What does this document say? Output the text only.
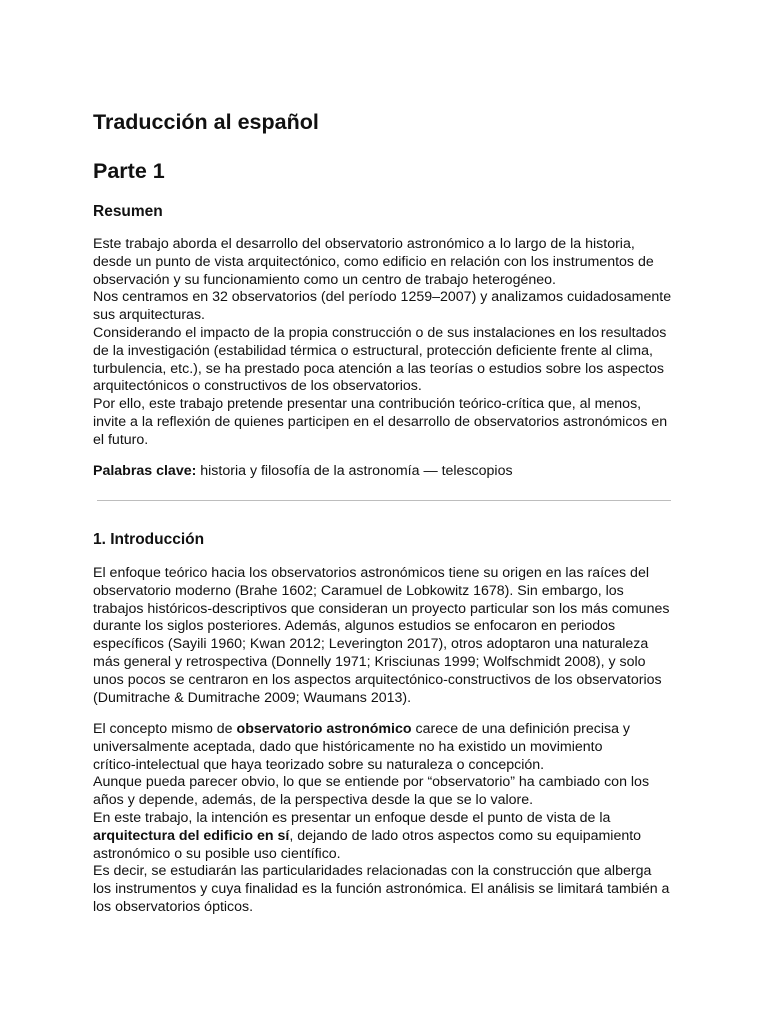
Traducción al español
Parte 1
Resumen
Este trabajo aborda el desarrollo del observatorio astronómico a lo largo de la historia,
desde un punto de vista arquitectónico, como edificio en relación con los instrumentos de
observación y su funcionamiento como un centro de trabajo heterogéneo.
Nos centramos en 32 observatorios (del período 1259–2007) y analizamos cuidadosamente
sus arquitecturas.
Considerando el impacto de la propia construcción o de sus instalaciones en los resultados
de la investigación (estabilidad térmica o estructural, protección deficiente frente al clima,
turbulencia, etc.), se ha prestado poca atención a las teorías o estudios sobre los aspectos
arquitectónicos o constructivos de los observatorios.
Por ello, este trabajo pretende presentar una contribución teórico-crítica que, al menos,
invite a la reflexión de quienes participen en el desarrollo de observatorios astronómicos en
el futuro.
Palabras clave: historia y filosofía de la astronomía — telescopios
1. Introducción
El enfoque teórico hacia los observatorios astronómicos tiene su origen en las raíces del
observatorio moderno (Brahe 1602; Caramuel de Lobkowitz 1678). Sin embargo, los
trabajos históricos-descriptivos que consideran un proyecto particular son los más comunes
durante los siglos posteriores. Además, algunos estudios se enfocaron en periodos
específicos (Sayili 1960; Kwan 2012; Leverington 2017), otros adoptaron una naturaleza
más general y retrospectiva (Donnelly 1971; Krisciunas 1999; Wolfschmidt 2008), y solo
unos pocos se centraron en los aspectos arquitectónico-constructivos de los observatorios
(Dumitrache & Dumitrache 2009; Waumans 2013).
El concepto mismo de observatorio astronómico carece de una definición precisa y
universalmente aceptada, dado que históricamente no ha existido un movimiento
crítico-intelectual que haya teorizado sobre su naturaleza o concepción.
Aunque pueda parecer obvio, lo que se entiende por “observatorio” ha cambiado con los
años y depende, además, de la perspectiva desde la que se lo valore.
En este trabajo, la intención es presentar un enfoque desde el punto de vista de la
arquitectura del edificio en sí, dejando de lado otros aspectos como su equipamiento
astronómico o su posible uso científico.
Es decir, se estudiarán las particularidades relacionadas con la construcción que alberga
los instrumentos y cuya finalidad es la función astronómica. El análisis se limitará también a
los observatorios ópticos.
